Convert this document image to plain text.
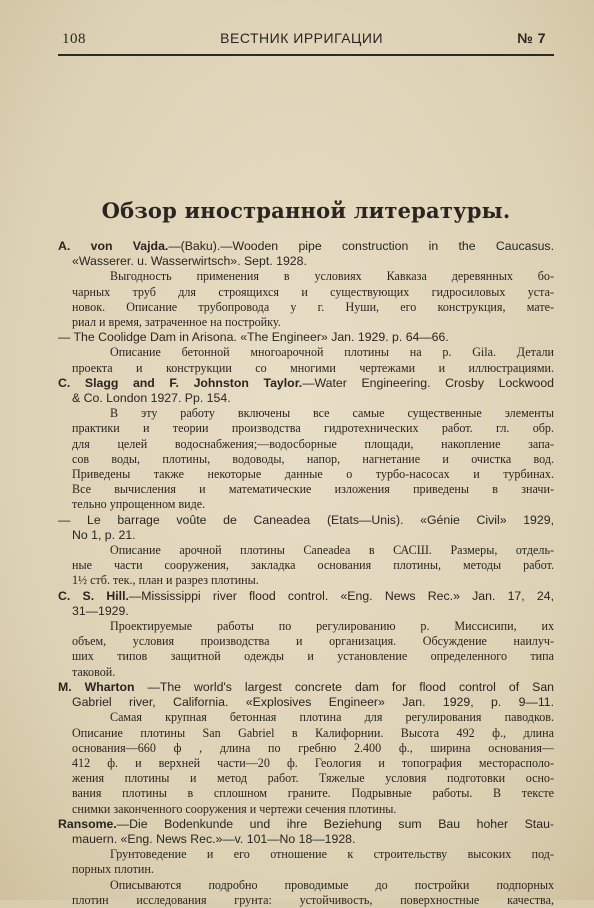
108	ВЕСТНИК ИРРИГАЦИИ	№ 7
Обзор иностранной литературы.
A. von Vajda.—(Baku).—Wooden pipe construction in the Caucasus.
«Wasserer. u. Wasserwirtsch». Sept. 1928.
Выгодность применения в условиях Кавказа деревянных бо-
чарных труб для строящихся и существующих гидросиловых уста-
новок. Описание трубопровода у г. Нуши, его конструкция, мате-
риал и время, затраченное на постройку.
— The Coolidge Dam in Arisona. «The Engineer» Jan. 1929. p. 64—66.
Описание бетонной многоарочной плотины на р. Gila. Детали
проекта и конструкции со многими чертежами и иллюстрациями.
C. Slagg and F. Johnston Taylor.—Water Engineering. Crosby Lockwood
& Co. London 1927. Pp. 154.
В эту работу включены все самые существенные элементы
практики и теории производства гидротехнических работ. гл. обр.
для целей водоснабжения;—водосборные площади, накопление запа-
сов воды, плотины, водоводы, напор, нагнетание и очистка вод.
Приведены также некоторые данные о турбо-насосах и турбинах.
Все вычисления и математические изложения приведены в значи-
тельно упрощенном виде.
— Le barrage voûte de Caneadea (Etats—Unis). «Génie Civil» 1929,
No 1, p. 21.
Описание арочной плотины Caneadea в САСШ. Размеры, отдель-
ные части сооружения, закладка основания плотины, методы работ.
1½ стб. тек., план и разрез плотины.
C. S. Hill.—Mississippi river flood control. «Eng. News Rec.» Jan. 17, 24,
31—1929.
Проектируемые работы по регулированию р. Миссисипи, их
объем, условия производства и организация. Обсуждение наилуч-
ших типов защитной одежды и установление определенного типа
таковой.
M. Wharton —The world's largest concrete dam for flood control of San
Gabriel river, California. «Explosives Engineer» Jan. 1929, p. 9—11.
Самая крупная бетонная плотина для регулирования паводков.
Описание плотины San Gabriel в Калифорнии. Высота 492 ф., длина
основания—660 ф , длина по гребню 2.400 ф., ширина основания—
412 ф. и верхней части—20 ф. Геология и топография месторасполо-
жения плотины и метод работ. Тяжелые условия подготовки осно-
вания плотины в сплошном граните. Подрывные работы. В тексте
снимки законченного сооружения и чертежи сечения плотины.
Ransome.—Die Bodenkunde und ihre Beziehung sum Bau hoher Stau-
mauern. «Eng. News Rec.»—v. 101—No 18—1928.
Грунтоведение и его отношение к строительству высоких под-
порных плотин.
Описываются подробно проводимые до постройки подпорных
плотин исследования грунта: устойчивость, поверхностные качества,
